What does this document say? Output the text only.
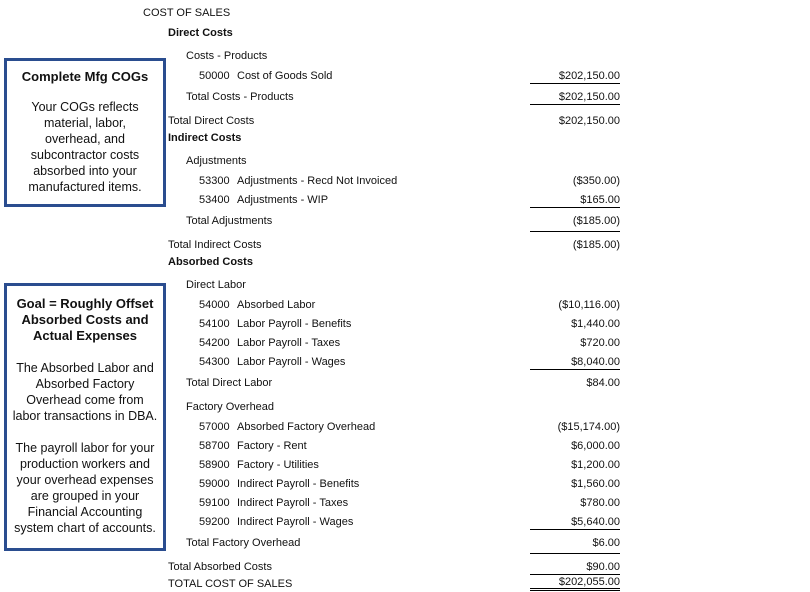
COST OF SALES
Direct Costs
Costs - Products
50000 Cost of Goods Sold	$202,150.00
Total Costs - Products	$202,150.00
Total Direct Costs	$202,150.00
Indirect Costs
Adjustments
53300 Adjustments - Recd Not Invoiced	($350.00)
53400 Adjustments - WIP	$165.00
Total Adjustments	($185.00)
Total Indirect Costs	($185.00)
Absorbed Costs
Direct Labor
54000 Absorbed Labor	($10,116.00)
54100 Labor Payroll - Benefits	$1,440.00
54200 Labor Payroll - Taxes	$720.00
54300 Labor Payroll - Wages	$8,040.00
Total Direct Labor	$84.00
Factory Overhead
57000 Absorbed Factory Overhead	($15,174.00)
58700 Factory - Rent	$6,000.00
58900 Factory - Utilities	$1,200.00
59000 Indirect Payroll - Benefits	$1,560.00
59100 Indirect Payroll - Taxes	$780.00
59200 Indirect Payroll - Wages	$5,640.00
Total Factory Overhead	$6.00
Total Absorbed Costs	$90.00
TOTAL COST OF SALES	$202,055.00

Complete Mfg COGs

Your COGs reflects

material, labor,

overhead, and

subcontractor costs

absorbed into your

manufactured items.

Goal = Roughly Offset

Absorbed Costs and

Actual Expenses

The Absorbed Labor and

Absorbed Factory

Overhead come from

labor transactions in DBA.

The payroll labor for your

production workers and

your overhead expenses

are grouped in your

Financial Accounting

system chart of accounts.
